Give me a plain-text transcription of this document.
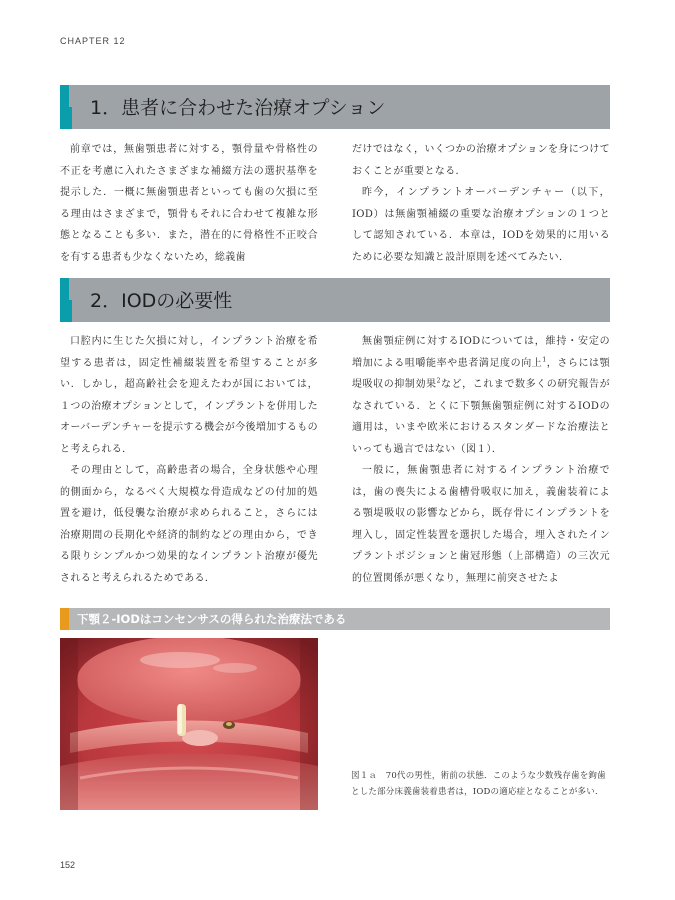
CHAPTER 12
1．患者に合わせた治療オプション

前章では，無歯顎患者に対する，顎骨量や骨格性の不正を考慮に入れたさまざまな補綴方法の選択基準を提示した．一概に無歯顎患者といっても歯の欠損に至る理由はさまざまで，顎骨もそれに合わせて複雑な形態となることも多い．また，潜在的に骨格性不正咬合を有する患者も少なくないため，総義歯

だけではなく，いくつかの治療オプションを身につけておくことが重要となる．

昨今，インプラントオーバーデンチャー（以下，IOD）は無歯顎補綴の重要な治療オプションの１つとして認知されている．本章は，IODを効果的に用いるために必要な知識と設計原則を述べてみたい．

2．IODの必要性

口腔内に生じた欠損に対し，インプラント治療を希望する患者は，固定性補綴装置を希望することが多い．しかし，超高齢社会を迎えたわが国においては，１つの治療オプションとして，インプラントを併用したオーバーデンチャーを提示する機会が今後増加するものと考えられる．

その理由として，高齢患者の場合，全身状態や心理的側面から，なるべく大規模な骨造成などの付加的処置を避け，低侵襲な治療が求められること，さらには治療期間の長期化や経済的制約などの理由から，できる限りシンプルかつ効果的なインプラント治療が優先されると考えられるためである．

無歯顎症例に対するIODについては，維持・安定の増加による咀嚼能率や患者満足度の向上$^1$，さらには顎堤吸収の抑制効果$^2$など，これまで数多くの研究報告がなされている．とくに下顎無歯顎症例に対するIODの適用は，いまや欧米におけるスタンダードな治療法といっても過言ではない（図１）．

一般に，無歯顎患者に対するインプラント治療では，歯の喪失による歯槽骨吸収に加え，義歯装着による顎堤吸収の影響などから，既存骨にインプラントを埋入し，固定性装置を選択した場合，埋入されたインプラントポジションと歯冠形態（上部構造）の三次元的位置関係が悪くなり，無理に前突させたよ

下顎２-IODはコンセンサスの得られた治療法である
図１ａ　70代の男性，術前の状態．このような少数残存歯を鉤歯とした部分床義歯装着患者は，IODの適応症となることが多い．
152
